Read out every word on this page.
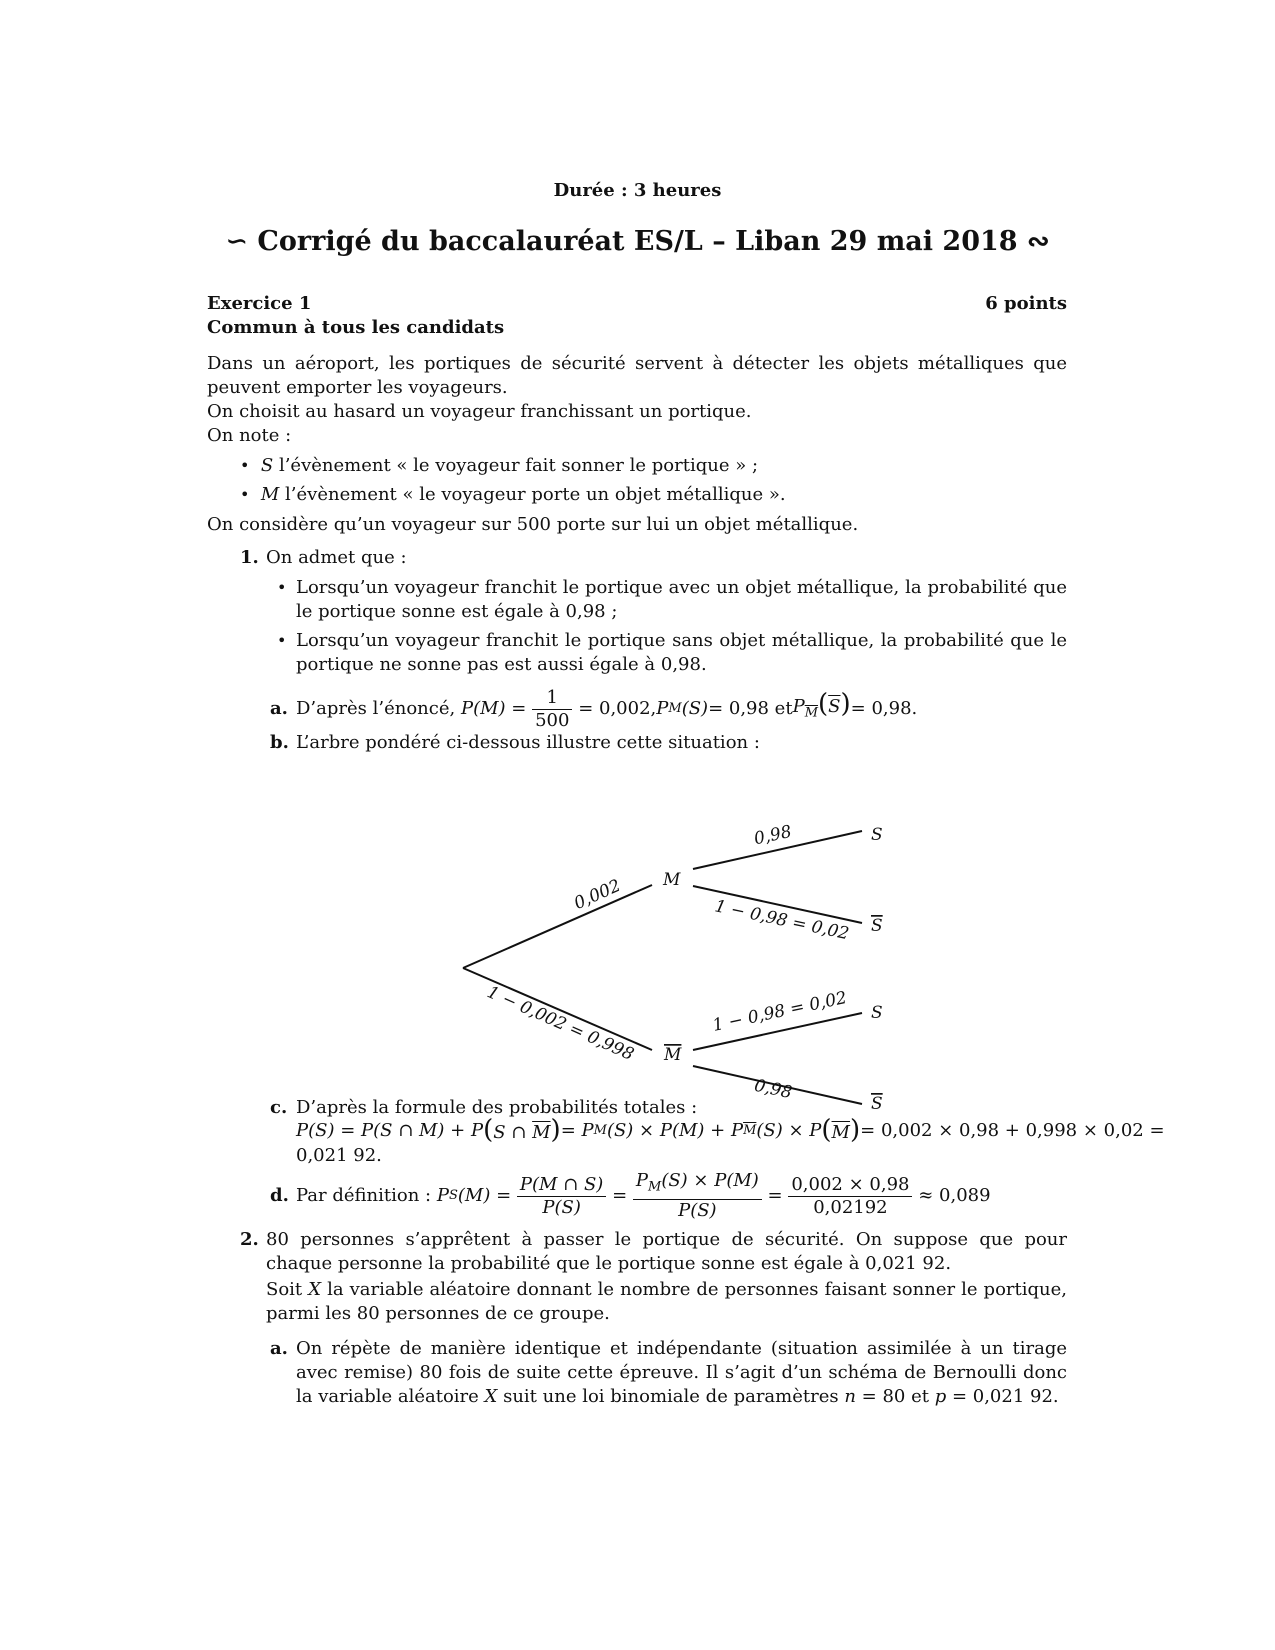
Durée : 3 heures
∽ Corrigé du baccalauréat ES/L – Liban 29 mai 2018 ∾
Exercice 1	6 points
Commun à tous les candidats
Dans un aéroport, les portiques de sécurité servent à détecter les objets métalliques que peuvent emporter les voyageurs.
On choisit au hasard un voyageur franchissant un portique.
On note :
• S l’évènement « le voyageur fait sonner le portique » ;
• M l’évènement « le voyageur porte un objet métallique ».
On considère qu’un voyageur sur 500 porte sur lui un objet métallique.
1. On admet que :
• Lorsqu’un voyageur franchit le portique avec un objet métallique, la probabilité que le portique sonne est égale à 0,98 ;
• Lorsqu’un voyageur franchit le portique sans objet métallique, la probabilité que le portique ne sonne pas est aussi égale à 0,98.
a. D’après l’énoncé,
P(M) =
$\frac{1}{500}$
= 0,002, P M (S) = 0,98 et $P_{\overline{M}}(\overline{S}) = 0,98$.
b. L’arbre pondéré ci-dessous illustre cette situation :
0,002
1 − 0,002 = 0,998
M
M
0,98
1 − 0,98 = 0,02
1 − 0,98 = 0,02
0,98
S
S
S
S
c. D’après la formule des probabilités totales :
P(S) = P(S ∩ M) + P (S ∩ $\overline{M}) = P$ M (S) × P(M) + P $\overline{M}$ (S) × P $(\overline{M}) = 0,002 \times 0,98 + 0,998 \times 0,02$ =
0,021 92.
d. Par définition :
P S (M) =
$\frac{P(M \cap S)}{P(S)} = \frac{P_M(S) \times P(M)}{P(S)} = \frac{0,002 \times 0,98}{0,02192}$
≈ 0,089
2. 80 personnes s’apprêtent à passer le portique de sécurité. On suppose que pour chaque personne la probabilité que le portique sonne est égale à 0,021 92.
Soit X la variable aléatoire donnant le nombre de personnes faisant sonner le portique, parmi les 80 personnes de ce groupe.
a. On répète de manière identique et indépendante (situation assimilée à un tirage avec remise) 80 fois de suite cette épreuve. Il s’agit d’un schéma de Bernoulli donc la variable aléatoire X suit une loi binomiale de paramètres n = 80 et p = 0,021 92.
